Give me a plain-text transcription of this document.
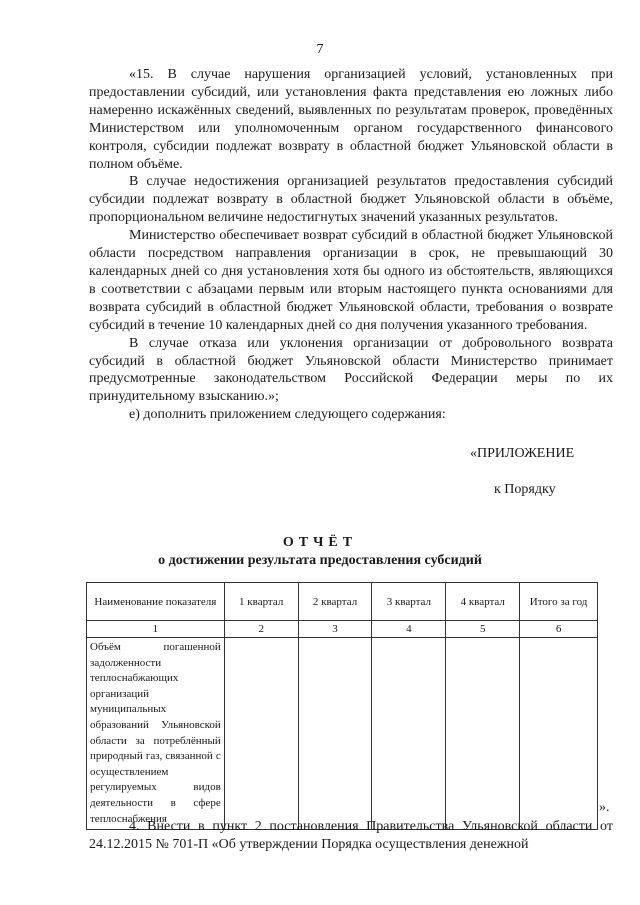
7

«15. В случае нарушения организацией условий, установленных при предоставлении субсидий, или установления факта представления ею ложных либо намеренно искажённых сведений, выявленных по результатам проверок, проведённых Министерством или уполномоченным органом государственного финансового контроля, субсидии подлежат возврату в областной бюджет Ульяновской области в полном объёме.

В случае недостижения организацией результатов предоставления субсидий субсидии подлежат возврату в областной бюджет Ульяновской области в объёме, пропорциональном величине недостигнутых значений указанных результатов.

Министерство обеспечивает возврат субсидий в областной бюджет Ульяновской области посредством направления организации в срок, не превышающий 30 календарных дней со дня установления хотя бы одного из обстоятельств, являющихся в соответствии с абзацами первым или вторым настоящего пункта основаниями для возврата субсидий в областной бюджет Ульяновской области, требования о возврате субсидий в течение 10 календарных дней со дня получения указанного требования.

В случае отказа или уклонения организации от добровольного возврата субсидий в областной бюджет Ульяновской области Министерство принимает предусмотренные законодательством Российской Федерации меры по их принудительному взысканию.»;

е) дополнить приложением следующего содержания:

«ПРИЛОЖЕНИЕ
к Порядку
ОТЧЁТ
о достижении результата предоставления субсидий
Наименование показателя	1 квартал	2 квартал	3 квартал	4 квартал	Итого за год
1	2	3	4	5	6
Объём погашенной задолженности теплоснабжающих организаций муниципальных образований Ульяновской области за потреблённый природный газ, связанной с осуществлением регулируемых видов деятельности в сфере теплоснабжения					
».

4. Внести в пункт 2 постановления Правительства Ульяновской области от 24.12.2015 № 701-П «Об утверждении Порядка осуществления денежной
